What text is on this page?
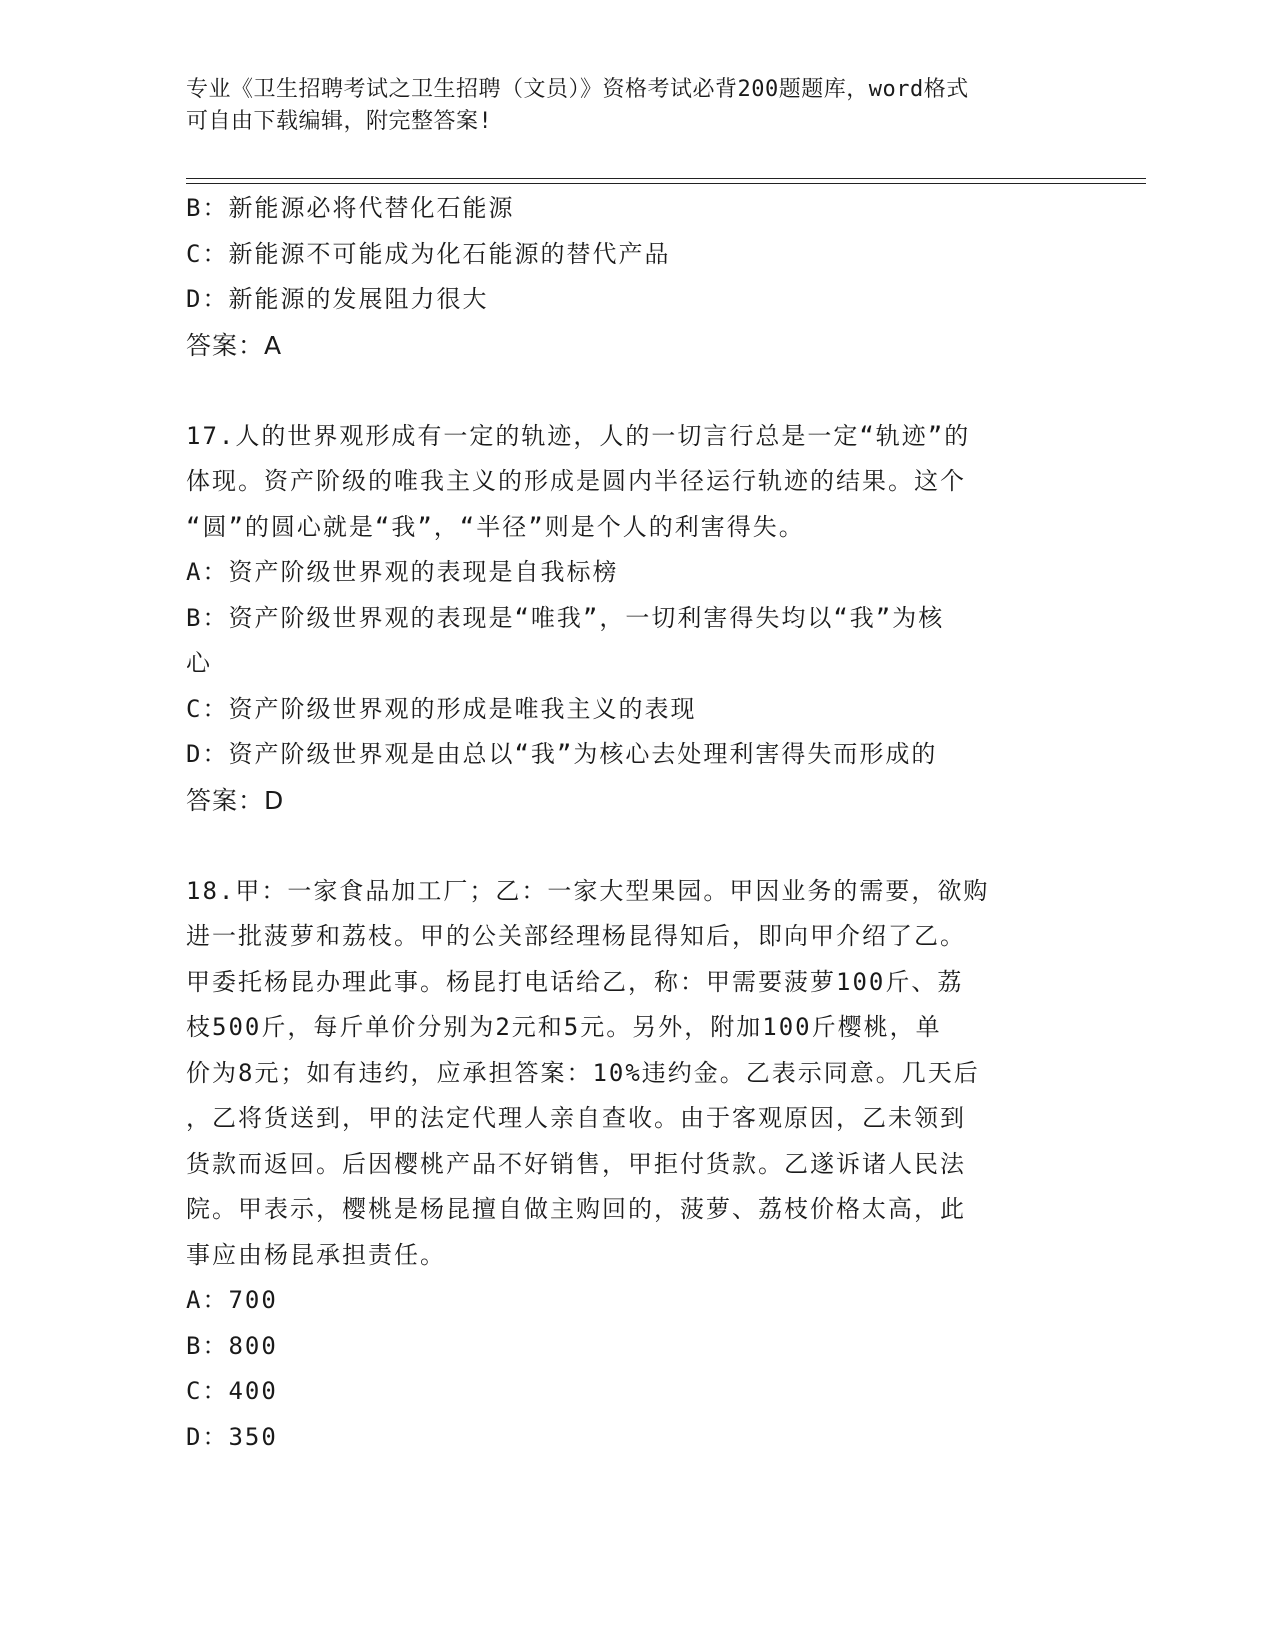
专业《卫生招聘考试之卫生招聘（文员）》资格考试必背200题题库，word格式
可自由下载编辑，附完整答案!
B：新能源必将代替化石能源
C：新能源不可能成为化石能源的替代产品
D：新能源的发展阻力很大
答案：A
17.人的世界观形成有一定的轨迹，人的一切言行总是一定“轨迹”的
体现。资产阶级的唯我主义的形成是圆内半径运行轨迹的结果。这个
“圆”的圆心就是“我”，“半径”则是个人的利害得失。
A：资产阶级世界观的表现是自我标榜
B：资产阶级世界观的表现是“唯我”，一切利害得失均以“我”为核
心
C：资产阶级世界观的形成是唯我主义的表现
D：资产阶级世界观是由总以“我”为核心去处理利害得失而形成的
答案：D
18.甲：一家食品加工厂；乙：一家大型果园。甲因业务的需要，欲购
进一批菠萝和荔枝。甲的公关部经理杨昆得知后，即向甲介绍了乙。
甲委托杨昆办理此事。杨昆打电话给乙，称：甲需要菠萝100斤、荔
枝500斤，每斤单价分别为2元和5元。另外，附加100斤樱桃，单
价为8元；如有违约，应承担答案：10%违约金。乙表示同意。几天后
，乙将货送到，甲的法定代理人亲自查收。由于客观原因，乙未领到
货款而返回。后因樱桃产品不好销售，甲拒付货款。乙遂诉诸人民法
院。甲表示，樱桃是杨昆擅自做主购回的，菠萝、荔枝价格太高，此
事应由杨昆承担责任。
A：700
B：800
C：400
D：350
